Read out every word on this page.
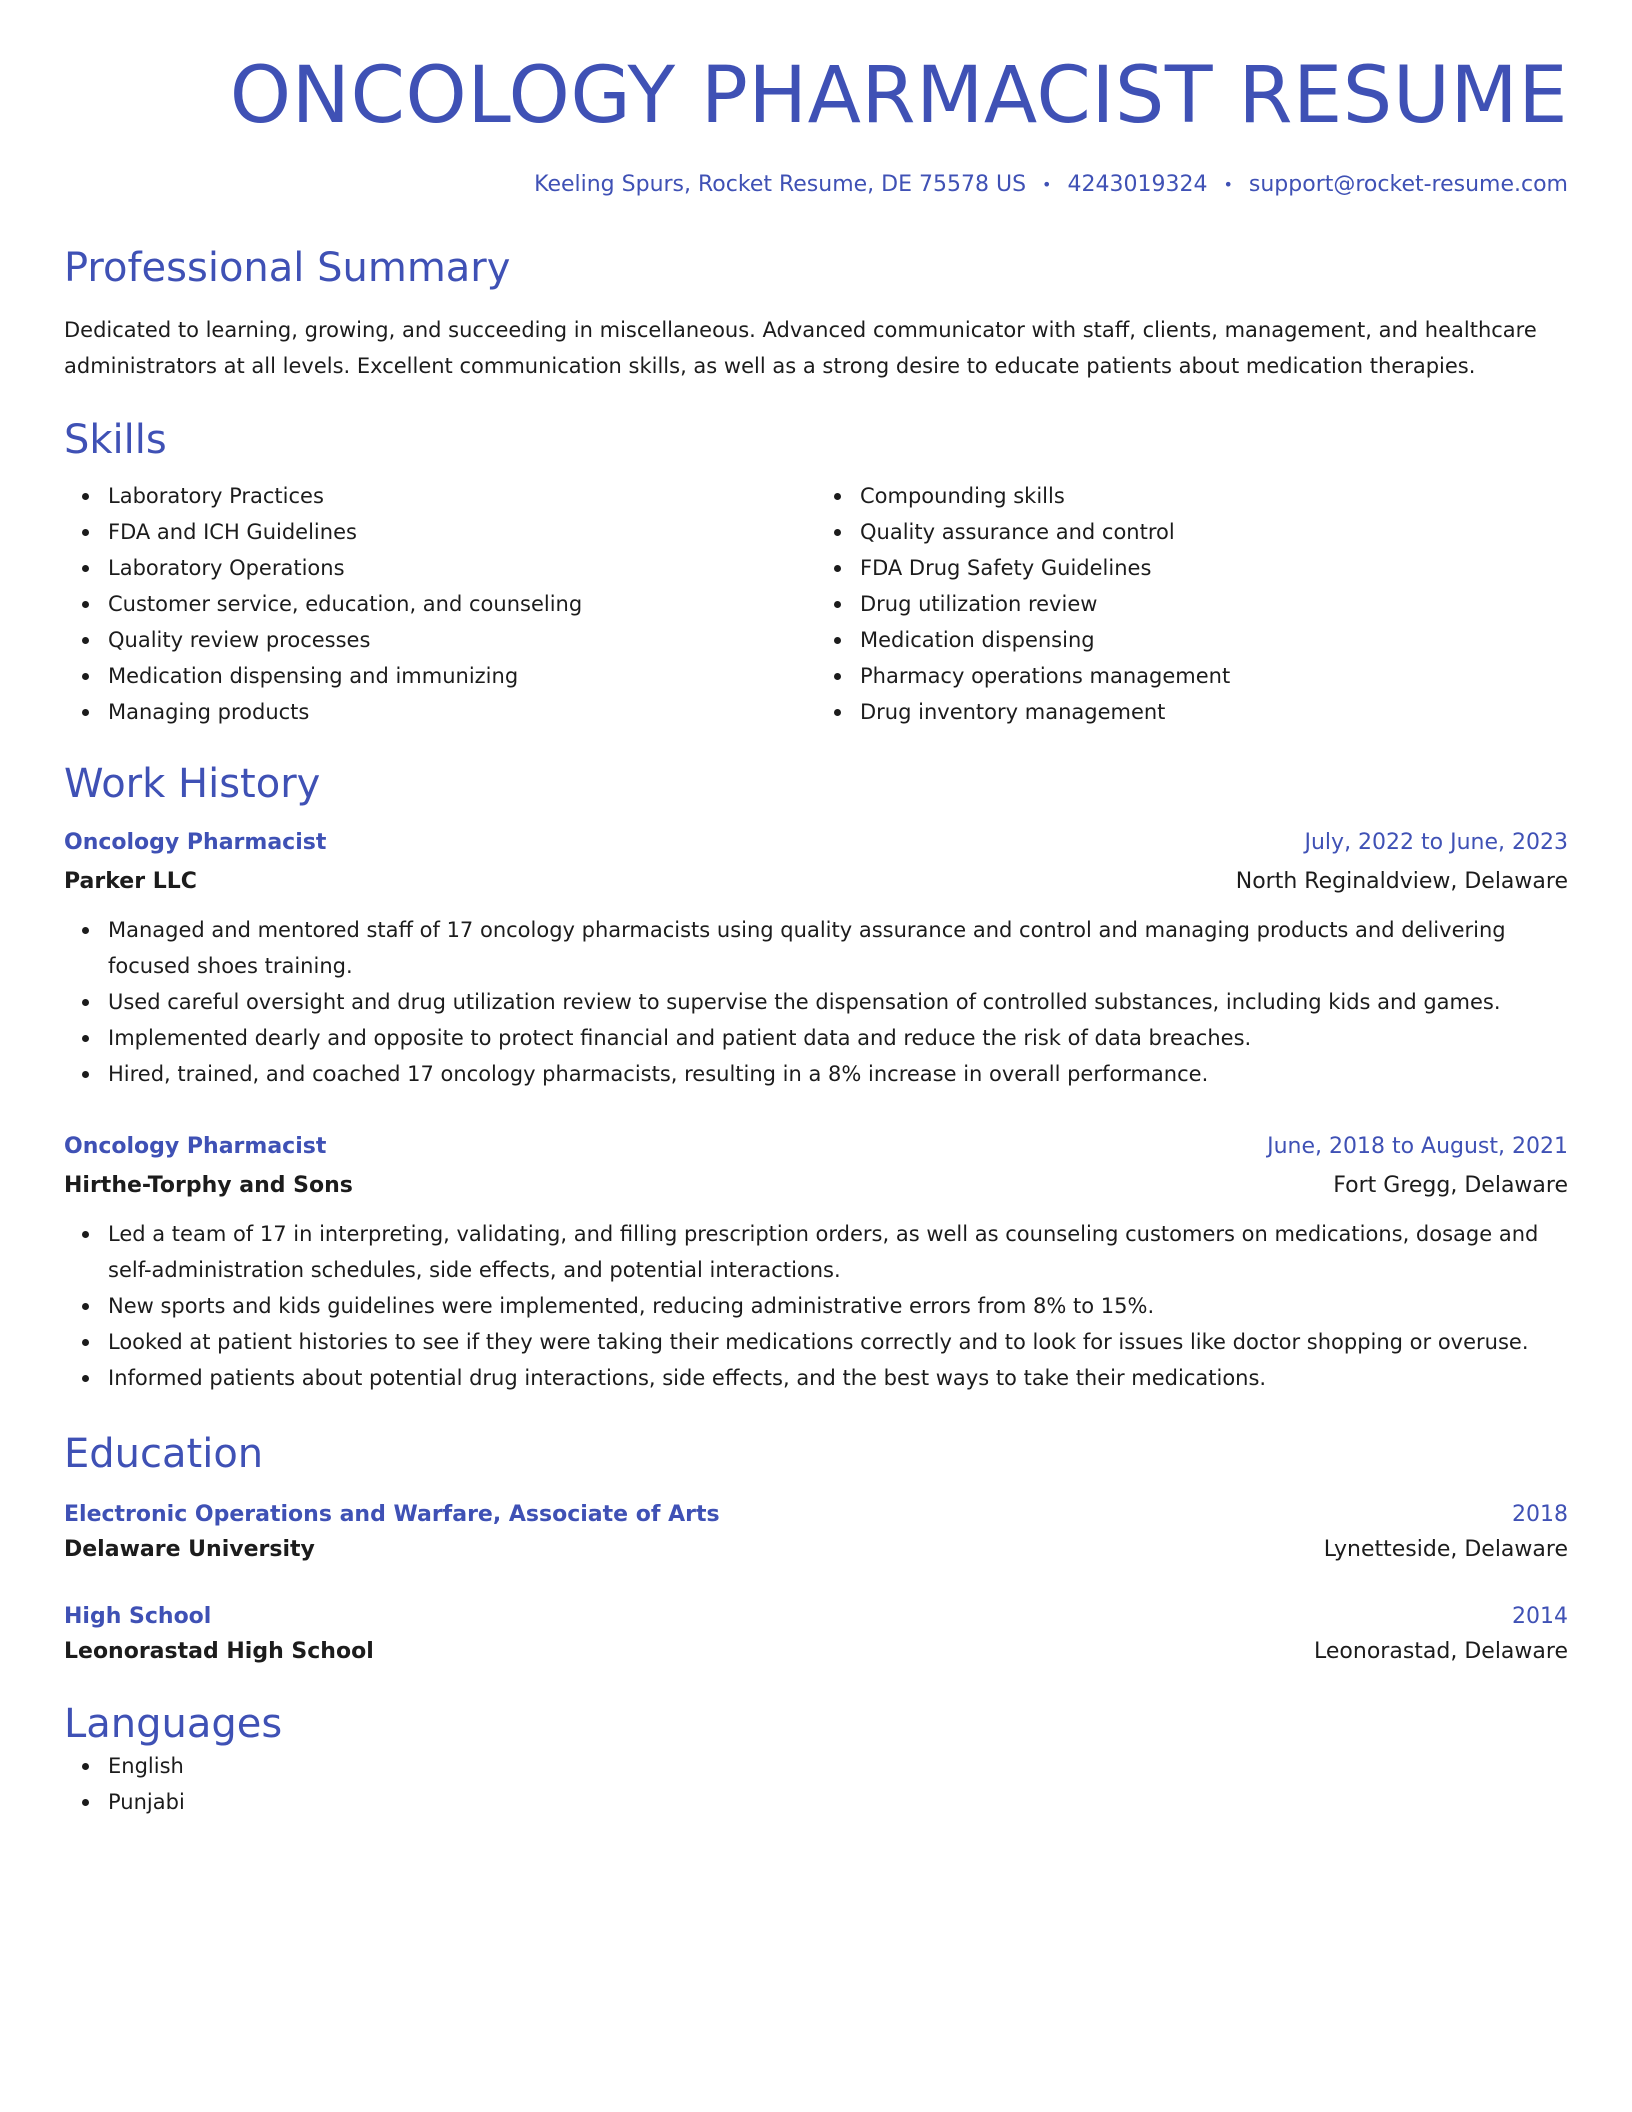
ONCOLOGY PHARMACIST RESUME
Keeling Spurs, Rocket Resume, DE 75578 US • 4243019324 • support@rocket-resume.com
Professional Summary

Dedicated to learning, growing, and succeeding in miscellaneous. Advanced communicator with staff, clients, management, and healthcare administrators at all levels. Excellent communication skills, as well as a strong desire to educate patients about medication therapies.

Skills
Laboratory Practices
FDA and ICH Guidelines
Laboratory Operations
Customer service, education, and counseling
Quality review processes
Medication dispensing and immunizing
Managing products
Compounding skills
Quality assurance and control
FDA Drug Safety Guidelines
Drug utilization review
Medication dispensing
Pharmacy operations management
Drug inventory management
Work History
Oncology Pharmacist	July, 2022 to June, 2023
Parker LLC	North Reginaldview, Delaware
Managed and mentored staff of 17 oncology pharmacists using quality assurance and control and managing products and delivering focused shoes training.
Used careful oversight and drug utilization review to supervise the dispensation of controlled substances, including kids and games.
Implemented dearly and opposite to protect financial and patient data and reduce the risk of data breaches.
Hired, trained, and coached 17 oncology pharmacists, resulting in a 8% increase in overall performance.
Oncology Pharmacist	June, 2018 to August, 2021
Hirthe-Torphy and Sons	Fort Gregg, Delaware
Led a team of 17 in interpreting, validating, and filling prescription orders, as well as counseling customers on medications, dosage and self-administration schedules, side effects, and potential interactions.
New sports and kids guidelines were implemented, reducing administrative errors from 8% to 15%.
Looked at patient histories to see if they were taking their medications correctly and to look for issues like doctor shopping or overuse.
Informed patients about potential drug interactions, side effects, and the best ways to take their medications.
Education
Electronic Operations and Warfare, Associate of Arts	2018
Delaware University	Lynetteside, Delaware
High School	2014
Leonorastad High School	Leonorastad, Delaware
Languages
English
Punjabi
